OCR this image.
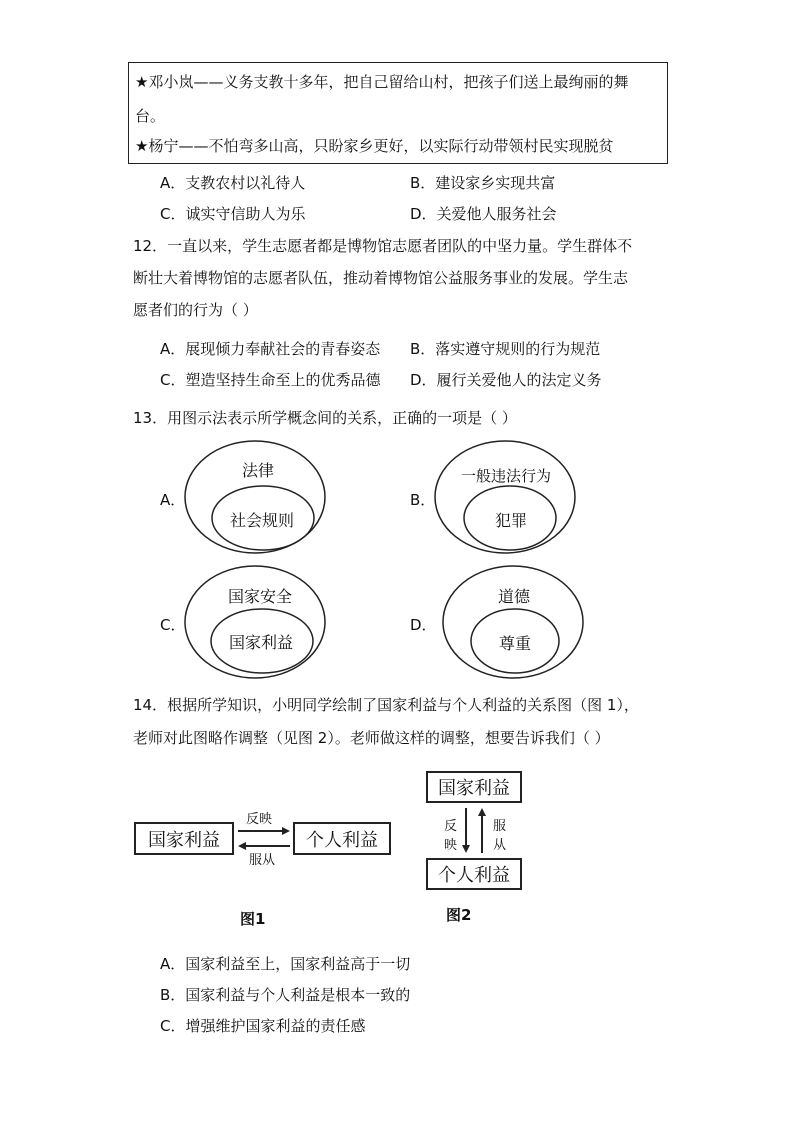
★邓小岚——义务支教十多年，把自己留给山村，把孩子们送上最绚丽的舞
台。
★杨宁——不怕弯多山高，只盼家乡更好，以实际行动带领村民实现脱贫
A．支教农村以礼待人	B．建设家乡实现共富
C．诚实守信助人为乐	D．关爱他人服务社会
12．一直以来，学生志愿者都是博物馆志愿者团队的中坚力量。学生群体不
断壮大着博物馆的志愿者队伍，推动着博物馆公益服务事业的发展。学生志
愿者们的行为（ ）
A．展现倾力奉献社会的青春姿态 B．落实遵守规则的行为规范
C．塑造坚持生命至上的优秀品德 D．履行关爱他人的法定义务
13．用图示法表示所学概念间的关系，正确的一项是（ ）
A．
法律
社会规则
B．
一般违法行为
犯罪
C．
国家安全
国家利益
D．
道德
尊重
14．根据所学知识，小明同学绘制了国家利益与个人利益的关系图（图 1），
老师对此图略作调整（见图 2）。老师做这样的调整，想要告诉我们（ ）
国家利益	个人利益
反映
服从
图1
国家利益
个人利益
反
映
服
从
图2
A．国家利益至上，国家利益高于一切
B．国家利益与个人利益是根本一致的
C．增强维护国家利益的责任感
